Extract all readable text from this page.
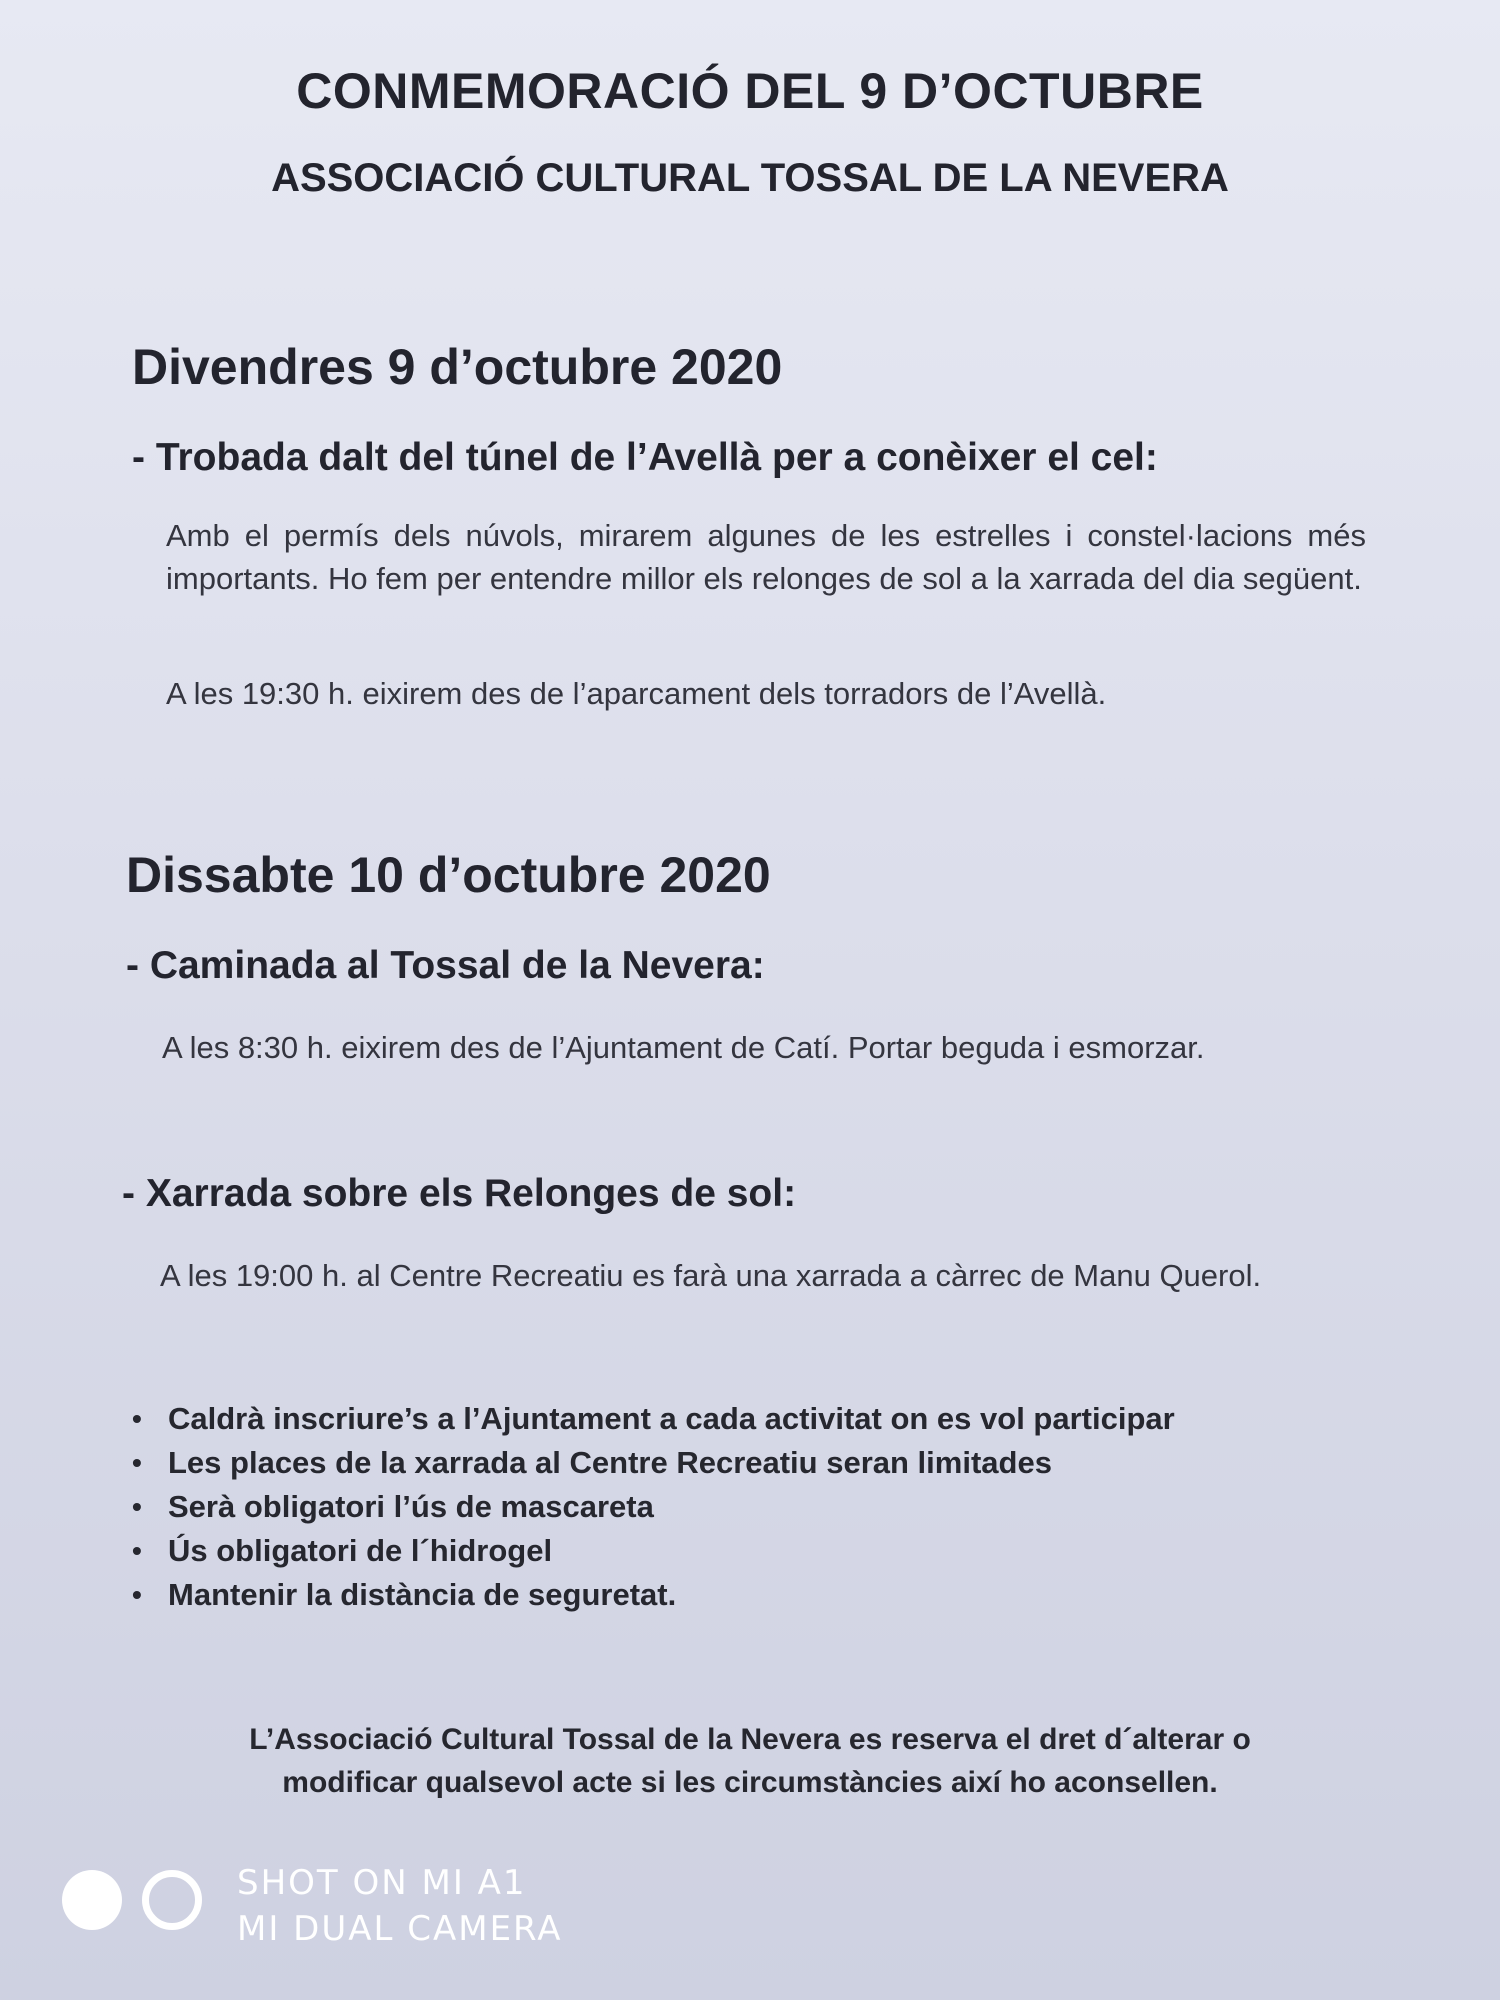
CONMEMORACIÓ DEL 9 D’OCTUBRE
ASSOCIACIÓ CULTURAL TOSSAL DE LA NEVERA
Divendres 9 d’octubre 2020
- Trobada dalt del túnel de l’Avellà per a conèixer el cel:
Amb el permís dels núvols, mirarem algunes de les estrelles i constel·lacions més importants. Ho fem per entendre millor els relonges de sol a la xarrada del dia següent.
A les 19:30 h. eixirem des de l’aparcament dels torradors de l’Avellà.
Dissabte 10 d’octubre 2020
- Caminada al Tossal de la Nevera:
A les 8:30 h. eixirem des de l’Ajuntament de Catí. Portar beguda i esmorzar.
- Xarrada sobre els Relonges de sol:
A les 19:00 h. al Centre Recreatiu es farà una xarrada a càrrec de Manu Querol.
• Caldrà inscriure’s a l’Ajuntament a cada activitat on es vol participar
• Les places de la xarrada al Centre Recreatiu seran limitades
• Serà obligatori l’ús de mascareta
• Ús obligatori de l´hidrogel
• Mantenir la distància de seguretat.
L’Associació Cultural Tossal de la Nevera es reserva el dret d´alterar o
modificar qualsevol acte si les circumstàncies així ho aconsellen.
SHOT ON MI A1
MI DUAL CAMERA
